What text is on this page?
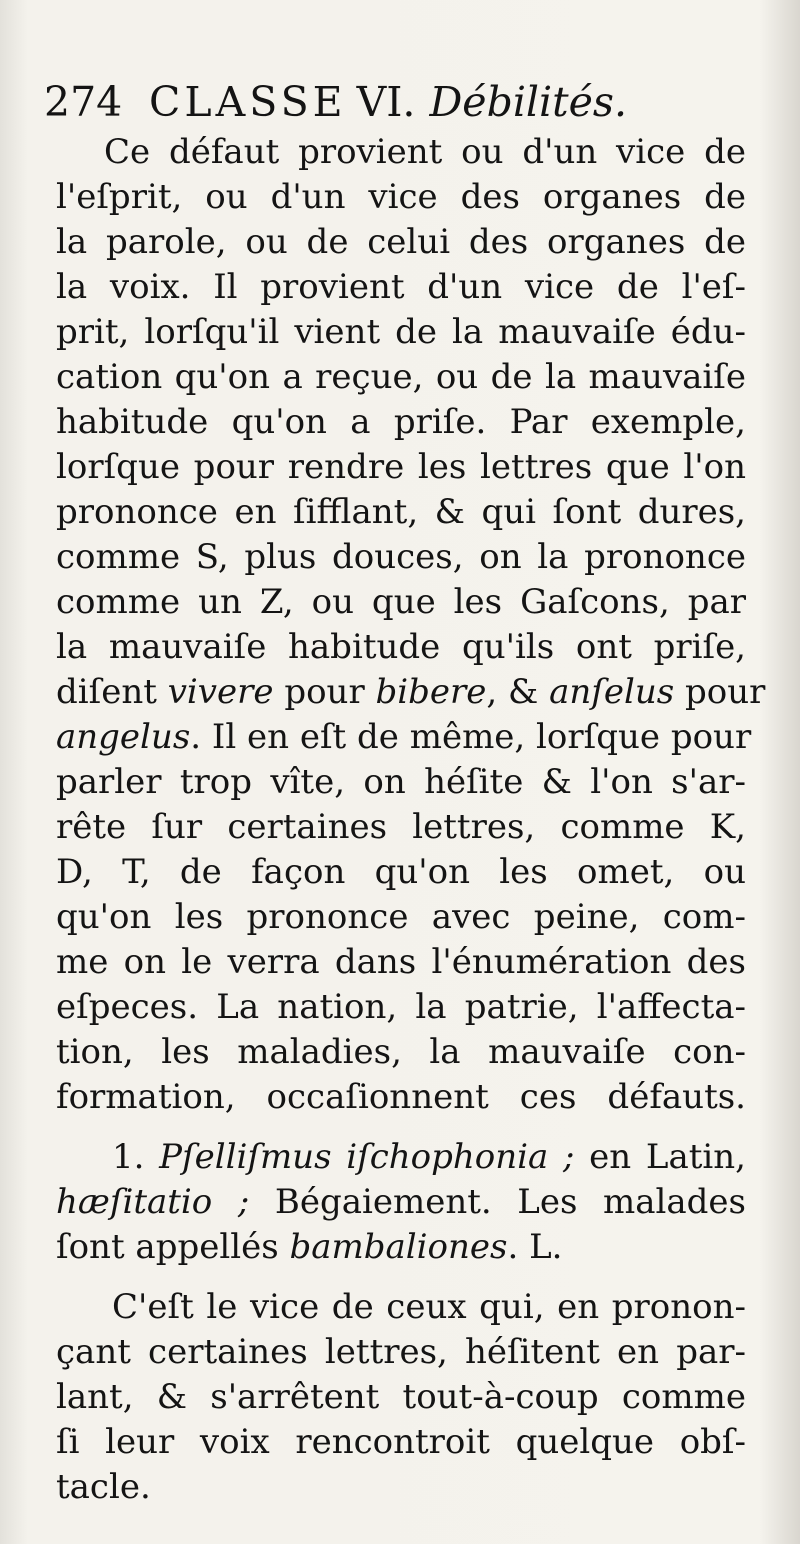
274 CLASSE VI. Débilités.
Ce défaut provient ou d'un vice de
l'eſprit, ou d'un vice des organes de
la parole, ou de celui des organes de
la voix. Il provient d'un vice de l'eſ-
prit, lorſqu'il vient de la mauvaiſe édu-
cation qu'on a reçue, ou de la mauvaiſe
habitude qu'on a priſe. Par exemple,
lorſque pour rendre les lettres que l'on
prononce en ſifflant, & qui ſont dures,
comme S, plus douces, on la prononce
comme un Z, ou que les Gaſcons, par
la mauvaiſe habitude qu'ils ont priſe,
diſent vivere pour bibere, & anſelus pour
angelus. Il en eſt de même, lorſque pour
parler trop vîte, on héſite & l'on s'ar-
rête ſur certaines lettres, comme K,
D, T, de façon qu'on les omet, ou
qu'on les prononce avec peine, com-
me on le verra dans l'énumération des
eſpeces. La nation, la patrie, l'affecta-
tion, les maladies, la mauvaiſe con-
formation, occaſionnent ces défauts.
1. Pſelliſmus iſchophonia ; en Latin,
hæſitatio ; Bégaiement. Les malades
ſont appellés bambaliones. L.
C'eſt le vice de ceux qui, en pronon-
çant certaines lettres, héſitent en par-
lant, & s'arrêtent tout-à-coup comme
ſi leur voix rencontroit quelque obſ-
tacle.
